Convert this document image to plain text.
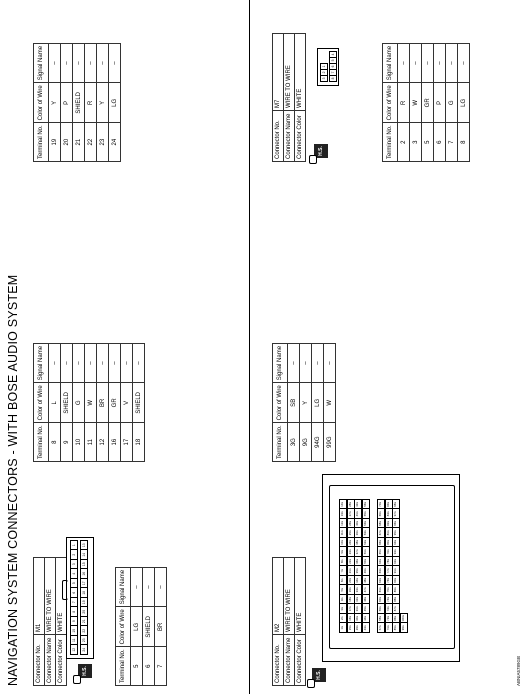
NAVIGATION SYSTEM CONNECTORS - WITH BOSE AUDIO SYSTEM	Connector No.	M1
Connector Name	WIRE TO WIRE
Connector Color	WHITE
H.S.
12
11
10
9
8
7
6
5
4
3
2
1
24
23
22
21
20
19
18
17
16
15
14
13
Terminal No.	Color of Wire	Signal Name
5	LG	–
6	SHIELD	–
7	BR	–
Terminal No.	Color of Wire	Signal Name
8	L	–
9	SHIELD	–
10	G	–
11	W	–
12	BR	–
16	GR	–
17	V	–
18	SHIELD	–
Terminal No.	Color of Wire	Signal Name
19	Y	–
20	P	–
21	SHIELD	–
22	R	–
23	Y	–
24	LG	–
Connector No.	M2
Connector Name	WIRE TO WIRE
Connector Color	WHITE
H.S.
1G
2G
3G
4G
5G
6G
7G
8G
9G
10G
11G
12G
13G
14G
15G
16G
17G
18G
19G
20G
21G
22G
23G
24G
25G
26G
27G
28G
29G
30G
31G
32G
33G
34G
35G
36G
37G
38G
39G
40G
41G
42G
43G
44G
45G
46G
47G
48G
49G
50G
51G
52G
53G
54G
55G
56G
57G
58G
59G
60G
61G
62G
63G
64G
65G
66G
67G
68G
69G
70G
71G
72G
73G
74G
75G
76G
77G
78G
79G
80G
81G
82G
83G
84G
85G
86G
87G
88G
89G
90G
91G
92G
93G
94G
95G
96G
97G
98G
99G
100G
Terminal No.	Color of Wire	Signal Name
3G	SB	–
9G	Y	–
94G	LG	–
99G	W	–
Connector No.	M7
Connector Name	WIRE TO WIRE
Connector Color	WHITE
H.S.
3
2
1
8
7
6
5
4
Terminal No.	Color of Wire	Signal Name
2	R	–
3	W	–
5	GR	–
6	P	–
7	G	–
8	LG	–
ABNIA5789GB
